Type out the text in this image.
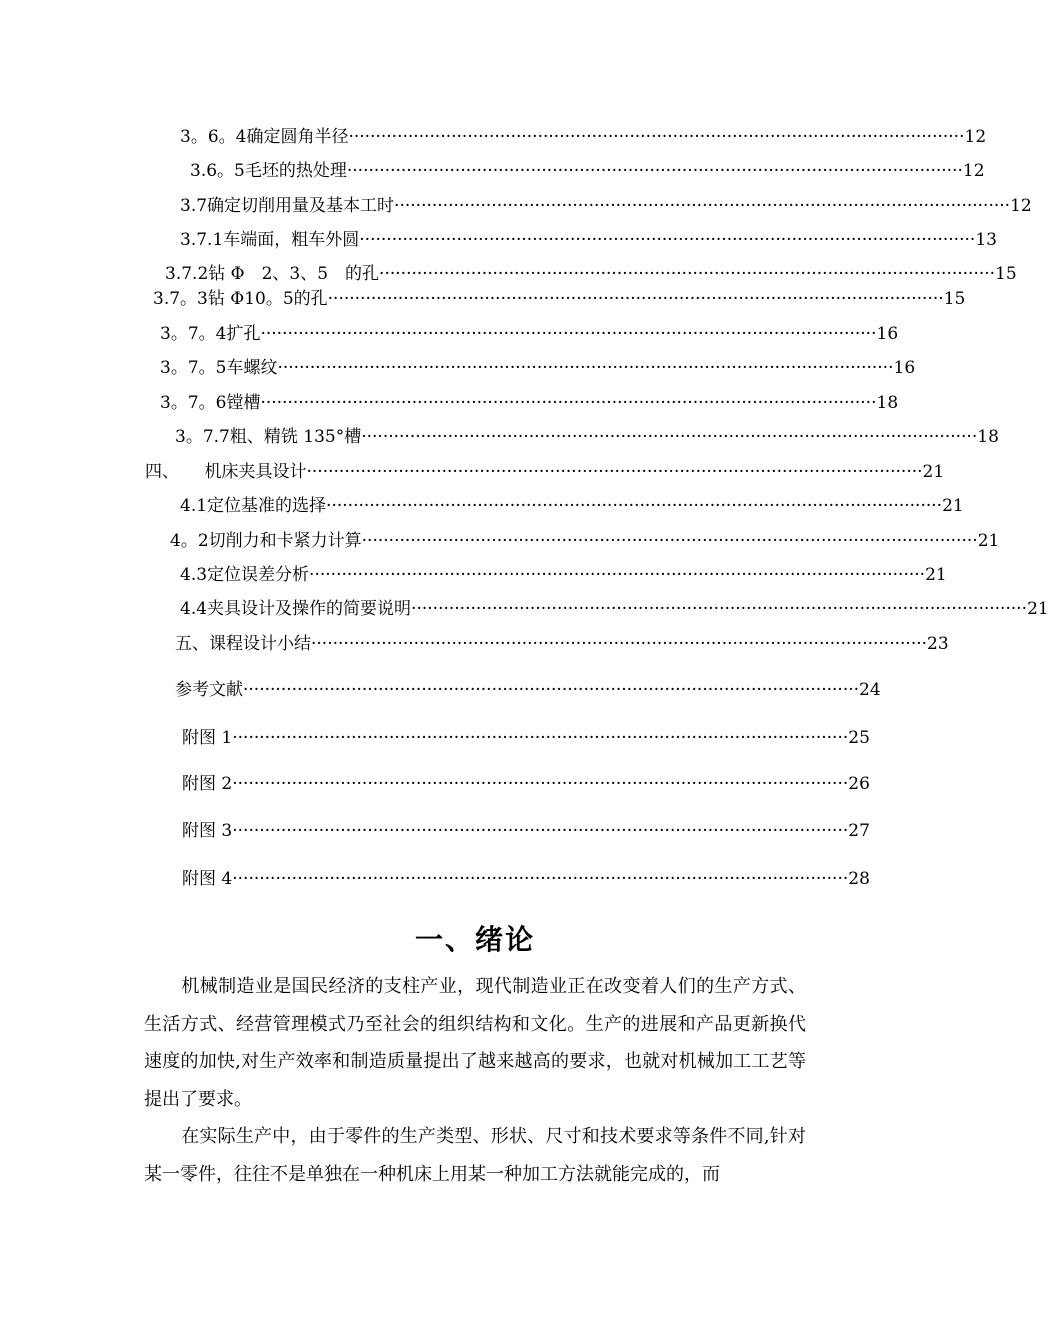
3。6。4确定圆角半径 ·················································································································· 12
3.6。5毛坯的热处理 ·················································································································· 12
3.7确定切削用量及基本工时 ·················································································································· 12
3.7.1车端面，粗车外圆 ·················································································································· 13
3.7.2钻 Φ　2、3、5　的孔 ·················································································································· 15
3.7。3钻 Φ10。5的孔 ·················································································································· 15
3。7。4扩孔 ·················································································································· 16
3。7。5车螺纹 ·················································································································· 16
3。7。6镗槽 ·················································································································· 18
3。7.7粗、精铣 135°槽 ·················································································································· 18
四、　　机床夹具设计 ·················································································································· 21
4.1定位基准的选择 ·················································································································· 21
4。2切削力和卡紧力计算 ·················································································································· 21
4.3定位误差分析 ·················································································································· 21
4.4夹具设计及操作的简要说明 ·················································································································· 21
五、课程设计小结 ·················································································································· 23
参考文献 ·················································································································· 24
附图 1 ·················································································································· 25
附图 2 ·················································································································· 26
附图 3 ·················································································································· 27
附图 4 ·················································································································· 28
一、绪论
机械制造业是国民经济的支柱产业，现代制造业正在改变着人们的生产方式、生活方式、经营管理模式乃至社会的组织结构和文化。生产的进展和产品更新换代速度的加快,对生产效率和制造质量提出了越来越高的要求，也就对机械加工工艺等提出了要求。
在实际生产中，由于零件的生产类型、形状、尺寸和技术要求等条件不同,针对某一零件，往往不是单独在一种机床上用某一种加工方法就能完成的，而
